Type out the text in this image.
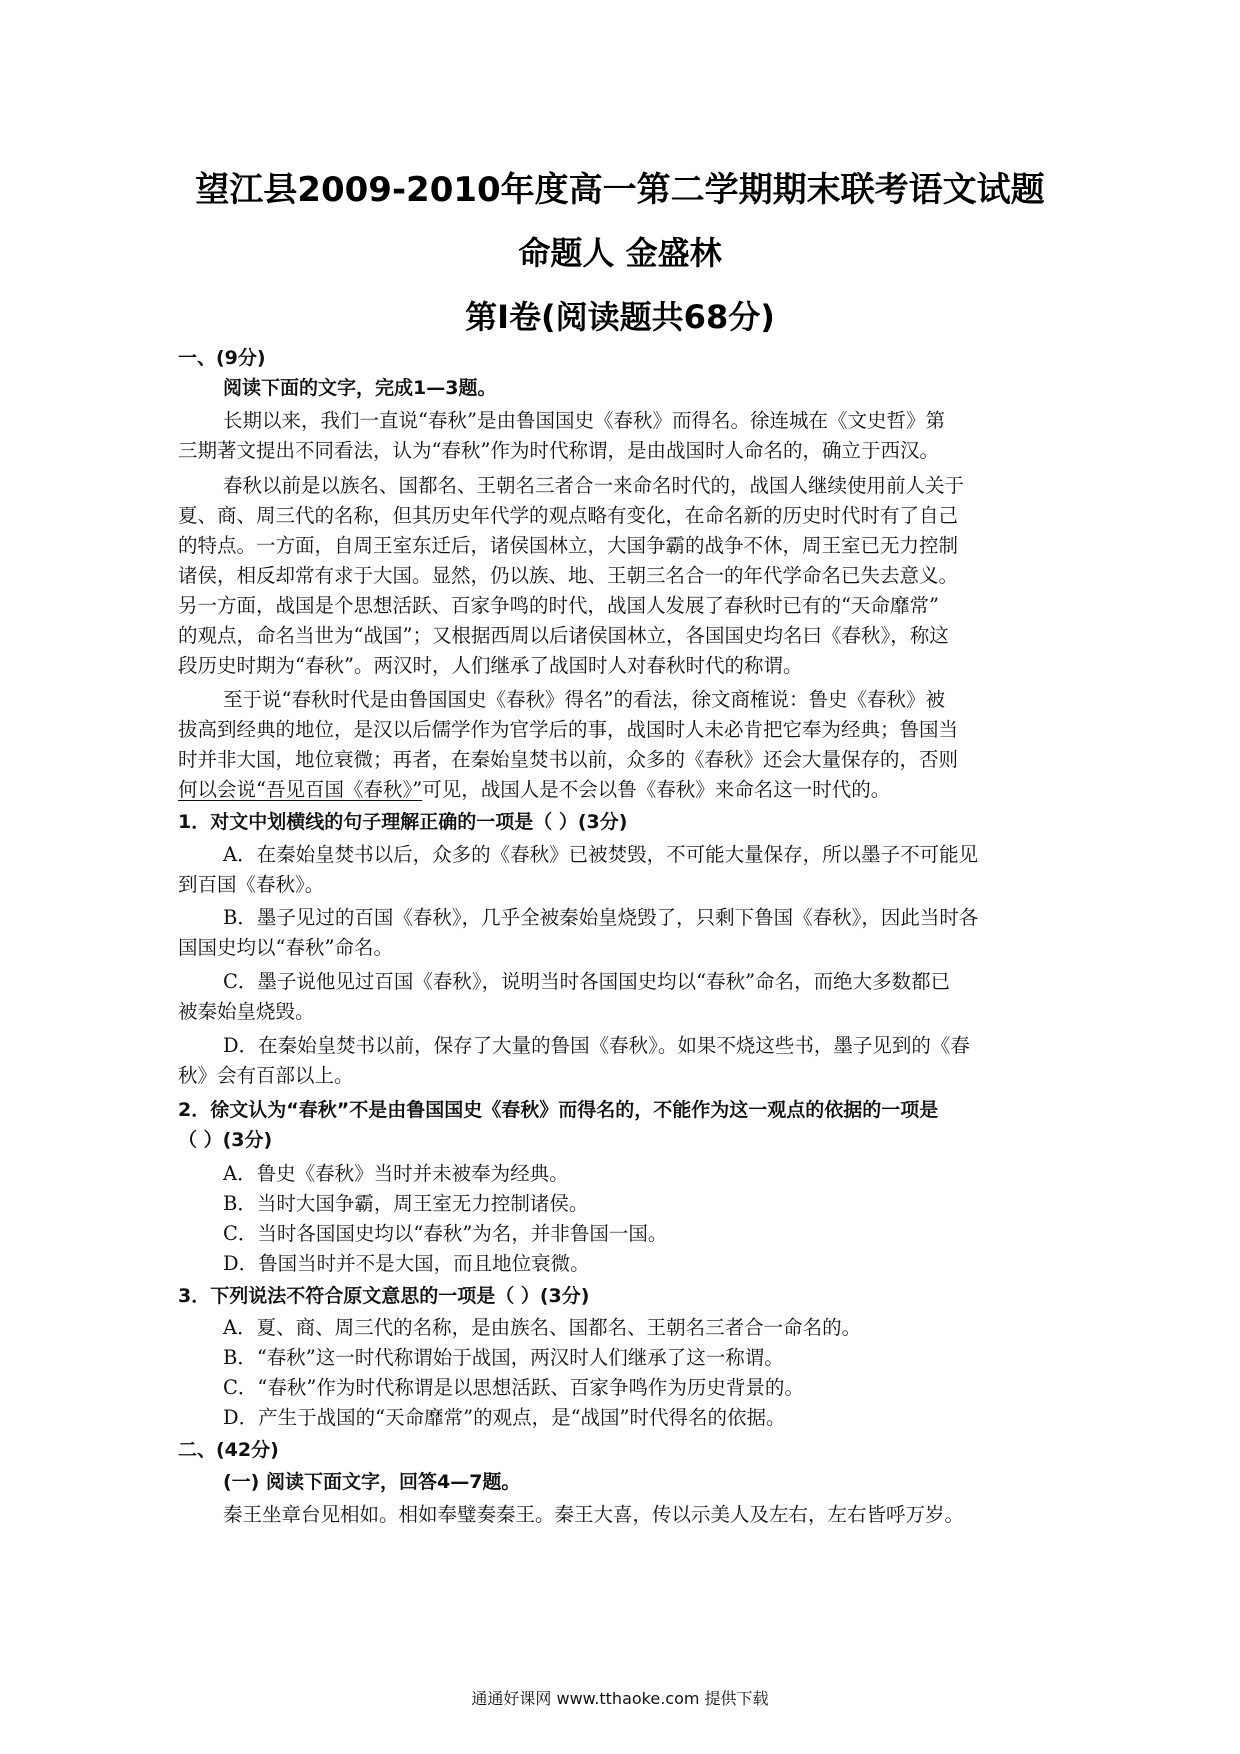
望江县2009-2010年度高一第二学期期末联考语文试题
命题人 金盛林
第Ⅰ卷(阅读题共68分)
一、(9分)
阅读下面的文字，完成1—3题。
长期以来，我们一直说“春秋”是由鲁国国史《春秋》而得名。徐连城在《文史哲》第
三期著文提出不同看法，认为“春秋”作为时代称谓，是由战国时人命名的，确立于西汉。
春秋以前是以族名、国都名、王朝名三者合一来命名时代的，战国人继续使用前人关于
夏、商、周三代的名称，但其历史年代学的观点略有变化，在命名新的历史时代时有了自己
的特点。一方面，自周王室东迁后，诸侯国林立，大国争霸的战争不休，周王室已无力控制
诸侯，相反却常有求于大国。显然，仍以族、地、王朝三名合一的年代学命名已失去意义。
另一方面，战国是个思想活跃、百家争鸣的时代，战国人发展了春秋时已有的“天命靡常”
的观点，命名当世为“战国”；又根据西周以后诸侯国林立，各国国史均名曰《春秋》，称这
段历史时期为“春秋”。两汉时，人们继承了战国时人对春秋时代的称谓。
至于说“春秋时代是由鲁国国史《春秋》得名”的看法，徐文商榷说：鲁史《春秋》被
拔高到经典的地位，是汉以后儒学作为官学后的事，战国时人未必肯把它奉为经典；鲁国当
时并非大国，地位衰微；再者，在秦始皇焚书以前，众多的《春秋》还会大量保存的，否则
何以会说“吾见百国《春秋》”可见，战国人是不会以鲁《春秋》来命名这一时代的。
1．对文中划横线的句子理解正确的一项是（ ）(3分)
A．在秦始皇焚书以后，众多的《春秋》已被焚毁，不可能大量保存，所以墨子不可能见
到百国《春秋》。
B．墨子见过的百国《春秋》，几乎全被秦始皇烧毁了，只剩下鲁国《春秋》，因此当时各
国国史均以“春秋”命名。
C．墨子说他见过百国《春秋》，说明当时各国国史均以“春秋”命名，而绝大多数都已
被秦始皇烧毁。
D．在秦始皇焚书以前，保存了大量的鲁国《春秋》。如果不烧这些书，墨子见到的《春
秋》会有百部以上。
2．徐文认为“春秋”不是由鲁国国史《春秋》而得名的，不能作为这一观点的依据的一项是
（ ）(3分)
A．鲁史《春秋》当时并未被奉为经典。
B．当时大国争霸，周王室无力控制诸侯。
C．当时各国国史均以“春秋”为名，并非鲁国一国。
D．鲁国当时并不是大国，而且地位衰微。
3．下列说法不符合原文意思的一项是（ ）(3分)
A．夏、商、周三代的名称，是由族名、国都名、王朝名三者合一命名的。
B．“春秋”这一时代称谓始于战国，两汉时人们继承了这一称谓。
C．“春秋”作为时代称谓是以思想活跃、百家争鸣作为历史背景的。
D．产生于战国的“天命靡常”的观点，是“战国”时代得名的依据。
二、(42分)
(一) 阅读下面文字，回答4—7题。
秦王坐章台见相如。相如奉璧奏秦王。秦王大喜，传以示美人及左右，左右皆呼万岁。
通通好课网 www.tthaoke.com 提供下载
